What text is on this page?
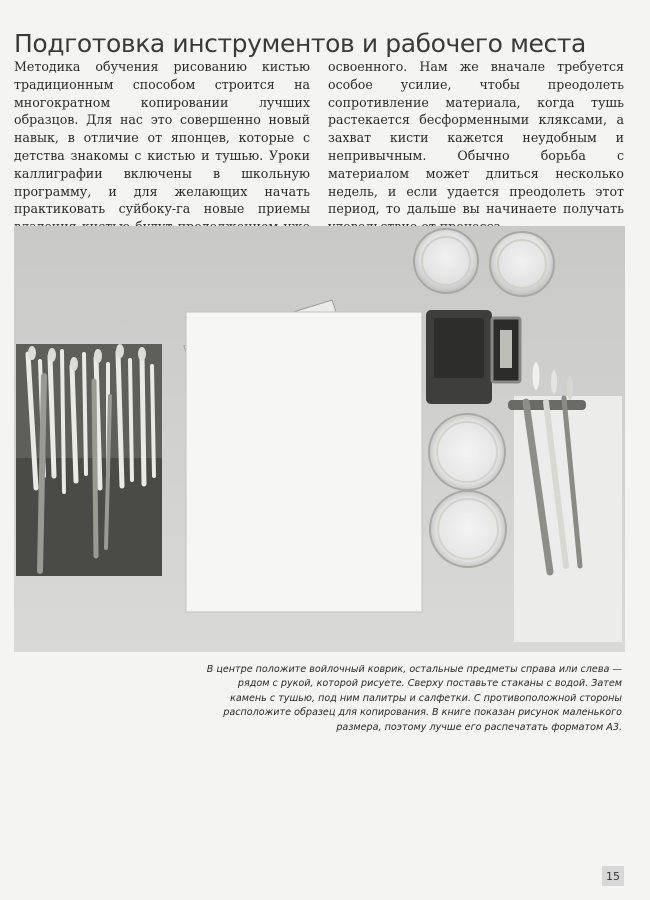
Подготовка инструментов и рабочего места

Методика обучения рисованию кистью традиционным способом строится на многократном копировании лучших образцов. Для нас это совершенно новый навык, в отличие от японцев, которые с детства знакомы с кистью и тушью. Уроки каллиграфии включены в школьную программу, и для желающих начать практиковать суйбоку-га новые приемы освоенного. Нам же вначале требуется особое усилие, чтобы преодолеть сопротивление материала, когда тушь растекается бесформенными кляксами, а захват кисти кажется неудобным и непривычным. Обычно борьба с материалом может длиться несколько недель, и если удается преодолеть этот период, то дальше вы начинаете получать

В центре положите войлочный коврик, остальные предметы справа или слева — рядом с рукой, которой рисуете. Сверху поставьте стаканы с водой. Затем камень с тушью, под ним палитры и салфетки. С противоположной стороны расположите образец для копирования. В книге показан рисунок маленького размера, поэтому лучше его распечатать форматом А3.
15
